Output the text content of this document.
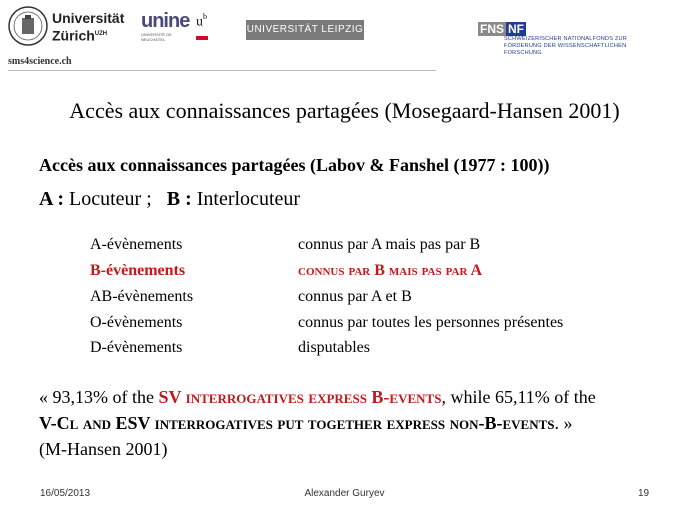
Universität
Zürich$^{UZH}$
unine
UNIVERSITÉ DE NEUCHÂTEL
$u^b$
UNIVERSITÄT LEIPZIG	FNS NF
SCHWEIZERISCHER NATIONALFONDS ZUR
FÖRDERUNG DER WISSENSCHAFTLICHEN FORSCHUNG
sms4science.ch
Accès aux connaissances partagées (Mosegaard-Hansen 2001)
Accès aux connaissances partagées (Labov & Fanshel (1977 : 100))
A : Locuteur ; B : Interlocuteur
A-évènements	connus par A mais pas par B
B-évènements	connus par B mais pas par A
AB-évènements	connus par A et B
O-évènements	connus par toutes les personnes présentes
D-évènements	disputables
« 93,13% of the SV interrogatives express B-events, while 65,11% of the V-Cl and ESV interrogatives put together express non-B-events. » (M-Hansen 2001)
16/05/2013	Alexander Guryev	19
